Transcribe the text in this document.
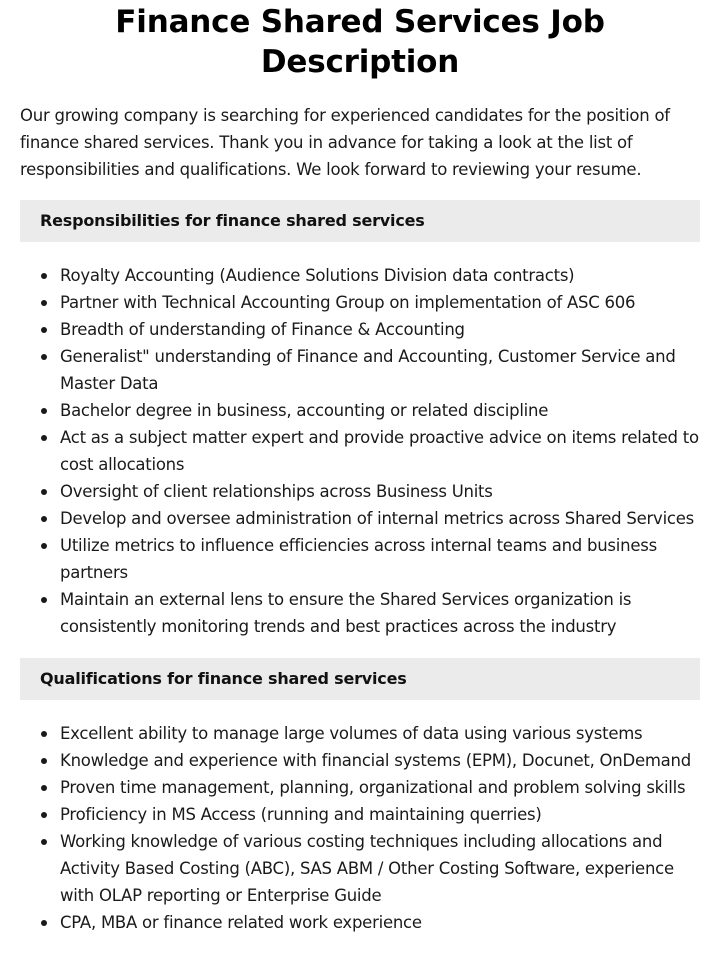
Finance Shared Services Job Description

Our growing company is searching for experienced candidates for the position of finance shared services. Thank you in advance for taking a look at the list of responsibilities and qualifications. We look forward to reviewing your resume.

Responsibilities for finance shared services
Royalty Accounting (Audience Solutions Division data contracts)
Partner with Technical Accounting Group on implementation of ASC 606
Breadth of understanding of Finance & Accounting
Generalist" understanding of Finance and Accounting, Customer Service and Master Data
Bachelor degree in business, accounting or related discipline
Act as a subject matter expert and provide proactive advice on items related to cost allocations
Oversight of client relationships across Business Units
Develop and oversee administration of internal metrics across Shared Services
Utilize metrics to influence efficiencies across internal teams and business partners
Maintain an external lens to ensure the Shared Services organization is consistently monitoring trends and best practices across the industry
Qualifications for finance shared services
Excellent ability to manage large volumes of data using various systems
Knowledge and experience with financial systems (EPM), Docunet, OnDemand
Proven time management, planning, organizational and problem solving skills
Proficiency in MS Access (running and maintaining querries)
Working knowledge of various costing techniques including allocations and Activity Based Costing (ABC), SAS ABM / Other Costing Software, experience with OLAP reporting or Enterprise Guide
CPA, MBA or finance related work experience
